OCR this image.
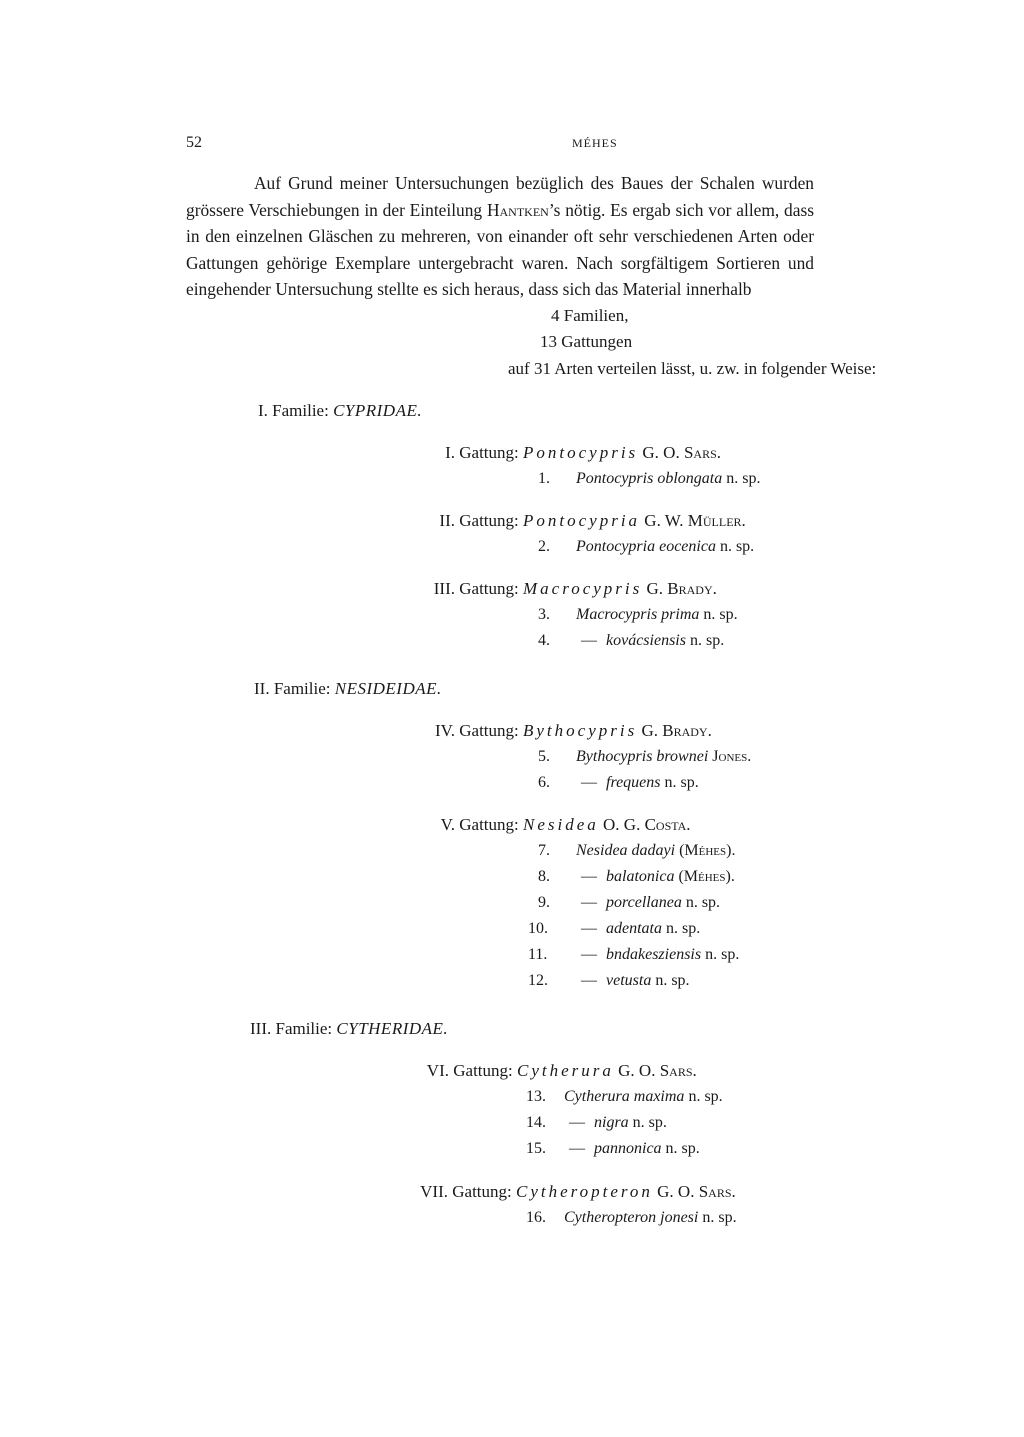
52	MÉHES
Auf Grund meiner Untersuchungen bezüglich des Baues der Schalen wurden grössere Verschiebungen in der Einteilung Hantken’s nötig. Es ergab sich vor allem, dass in den einzelnen Gläschen zu mehreren, von einander oft sehr verschiedenen Arten oder Gattungen gehörige Exemplare untergebracht waren. Nach sorgfältigem Sortieren und eingehender Untersuchung stellte es sich heraus, dass sich das Material innerhalb
4 Familien,
13 Gattungen
auf 31 Arten verteilen lässt, u. zw. in folgender Weise:
I. Familie: CYPRIDAE.
I. Gattung: Pontocypris G. O. Sars.
1. Pontocypris oblongata n. sp.
II. Gattung: Pontocypria G. W. Müller.
2. Pontocypria eocenica n. sp.
III. Gattung: Macrocypris G. Brady.
3. Macrocypris prima n. sp.
4. — kovácsiensis n. sp.
II. Familie: NESIDEIDAE.
IV. Gattung: Bythocypris G. Brady.
5. Bythocypris brownei Jones.
6. — frequens n. sp.
V. Gattung: Nesidea O. G. Costa.
7. Nesidea dadayi (Méhes).
8. — balatonica (Méhes).
9. — porcellanea n. sp.
10. — adentata n. sp.
11. — bndakesziensis n. sp.
12. — vetusta n. sp.
III. Familie: CYTHERIDAE.
VI. Gattung: Cytherura G. O. Sars.
13. Cytherura maxima n. sp.
14. — nigra n. sp.
15. — pannonica n. sp.
VII. Gattung: Cytheropteron G. O. Sars.
16. Cytheropteron jonesi n. sp.
